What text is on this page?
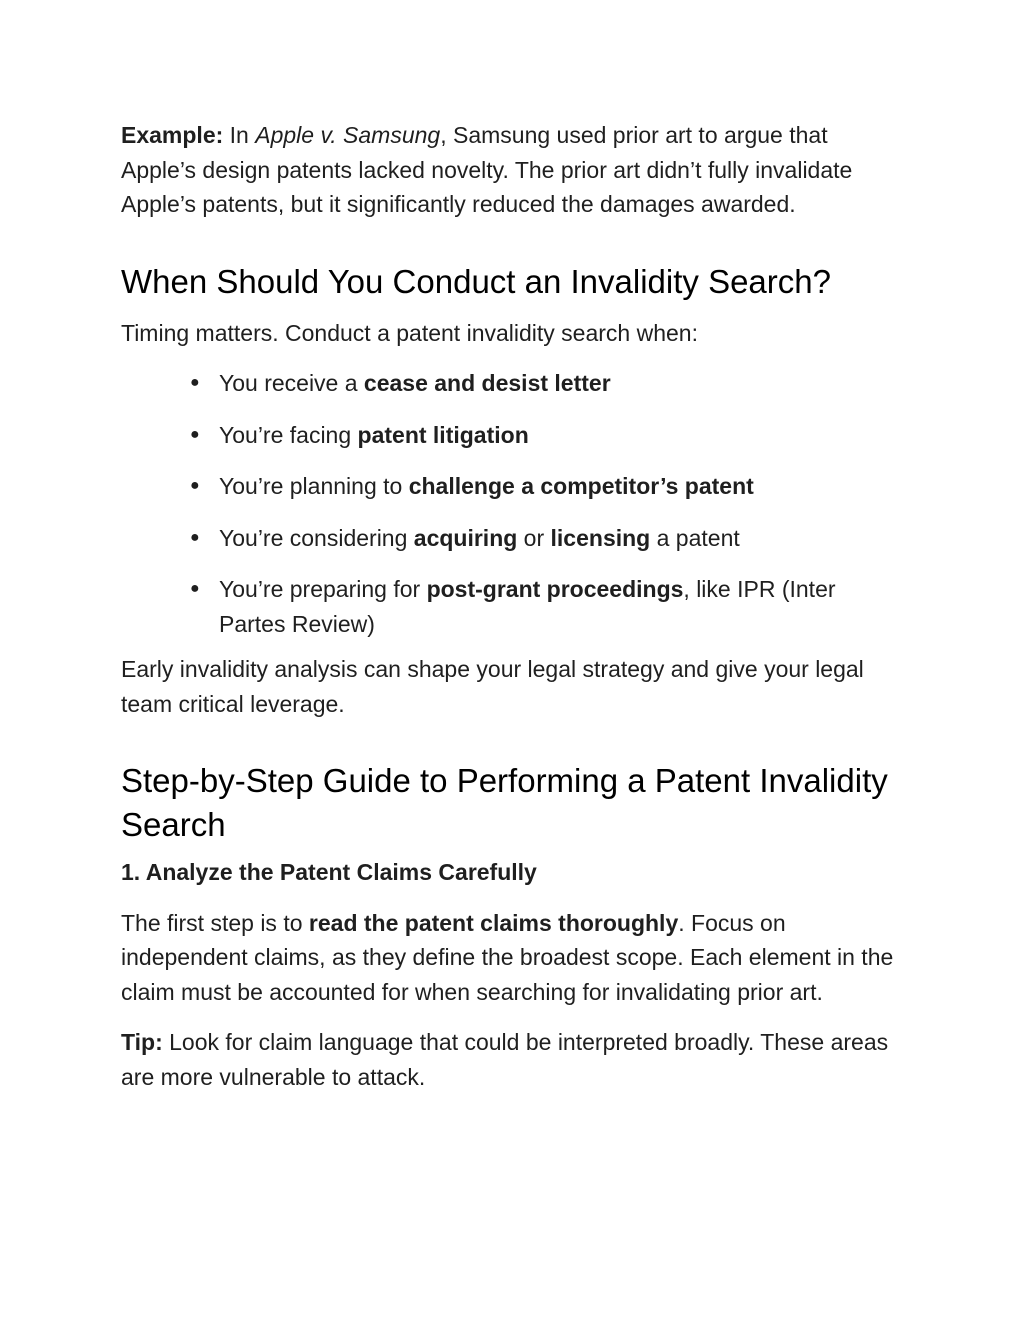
Example: In Apple v. Samsung, Samsung used prior art to argue that Apple’s design patents lacked novelty. The prior art didn’t fully invalidate Apple’s patents, but it significantly reduced the damages awarded.

When Should You Conduct an Invalidity Search?

Timing matters. Conduct a patent invalidity search when:

● You receive a cease and desist letter
● You’re facing patent litigation
● You’re planning to challenge a competitor’s patent
● You’re considering acquiring or licensing a patent
● You’re preparing for post-grant proceedings, like IPR (Inter Partes Review)

Early invalidity analysis can shape your legal strategy and give your legal team critical leverage.

Step-by-Step Guide to Performing a Patent Invalidity Search
1. Analyze the Patent Claims Carefully

The first step is to read the patent claims thoroughly. Focus on independent claims, as they define the broadest scope. Each element in the claim must be accounted for when searching for invalidating prior art.

Tip: Look for claim language that could be interpreted broadly. These areas are more vulnerable to attack.
